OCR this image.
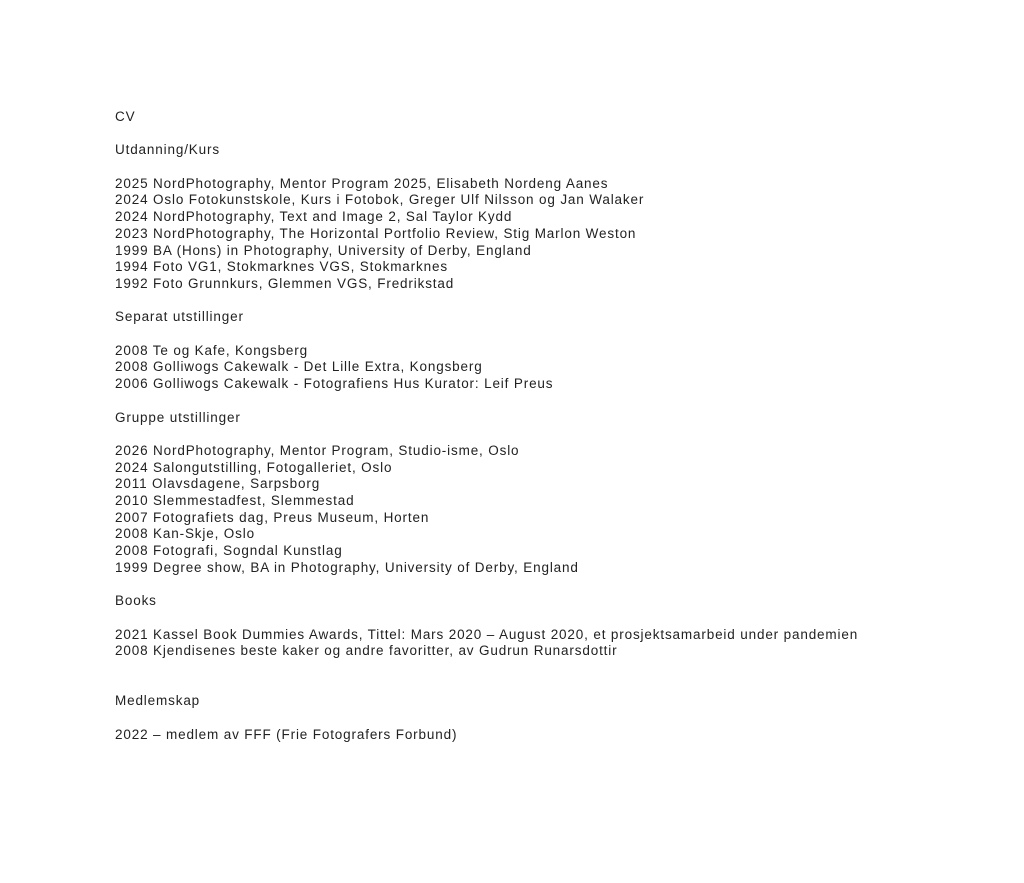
CV
Utdanning/Kurs
2025 NordPhotography, Mentor Program 2025, Elisabeth Nordeng Aanes
2024 Oslo Fotokunstskole, Kurs i Fotobok, Greger Ulf Nilsson og Jan Walaker
2024 NordPhotography, Text and Image 2, Sal Taylor Kydd
2023 NordPhotography, The Horizontal Portfolio Review, Stig Marlon Weston
1999 BA (Hons) in Photography, University of Derby, England
1994 Foto VG1, Stokmarknes VGS, Stokmarknes
1992 Foto Grunnkurs, Glemmen VGS, Fredrikstad
Separat utstillinger
2008 Te og Kafe, Kongsberg
2008 Golliwogs Cakewalk - Det Lille Extra, Kongsberg
2006 Golliwogs Cakewalk - Fotografiens Hus Kurator: Leif Preus
Gruppe utstillinger
2026 NordPhotography, Mentor Program, Studio-isme, Oslo
2024 Salongutstilling, Fotogalleriet, Oslo
2011 Olavsdagene, Sarpsborg
2010 Slemmestadfest, Slemmestad
2007 Fotografiets dag, Preus Museum, Horten
2008 Kan-Skje, Oslo
2008 Fotografi, Sogndal Kunstlag
1999 Degree show, BA in Photography, University of Derby, England
Books
2021 Kassel Book Dummies Awards, Tittel: Mars 2020 – August 2020, et prosjektsamarbeid under pandemien
2008 Kjendisenes beste kaker og andre favoritter, av Gudrun Runarsdottir
Medlemskap
2022 – medlem av FFF (Frie Fotografers Forbund)
